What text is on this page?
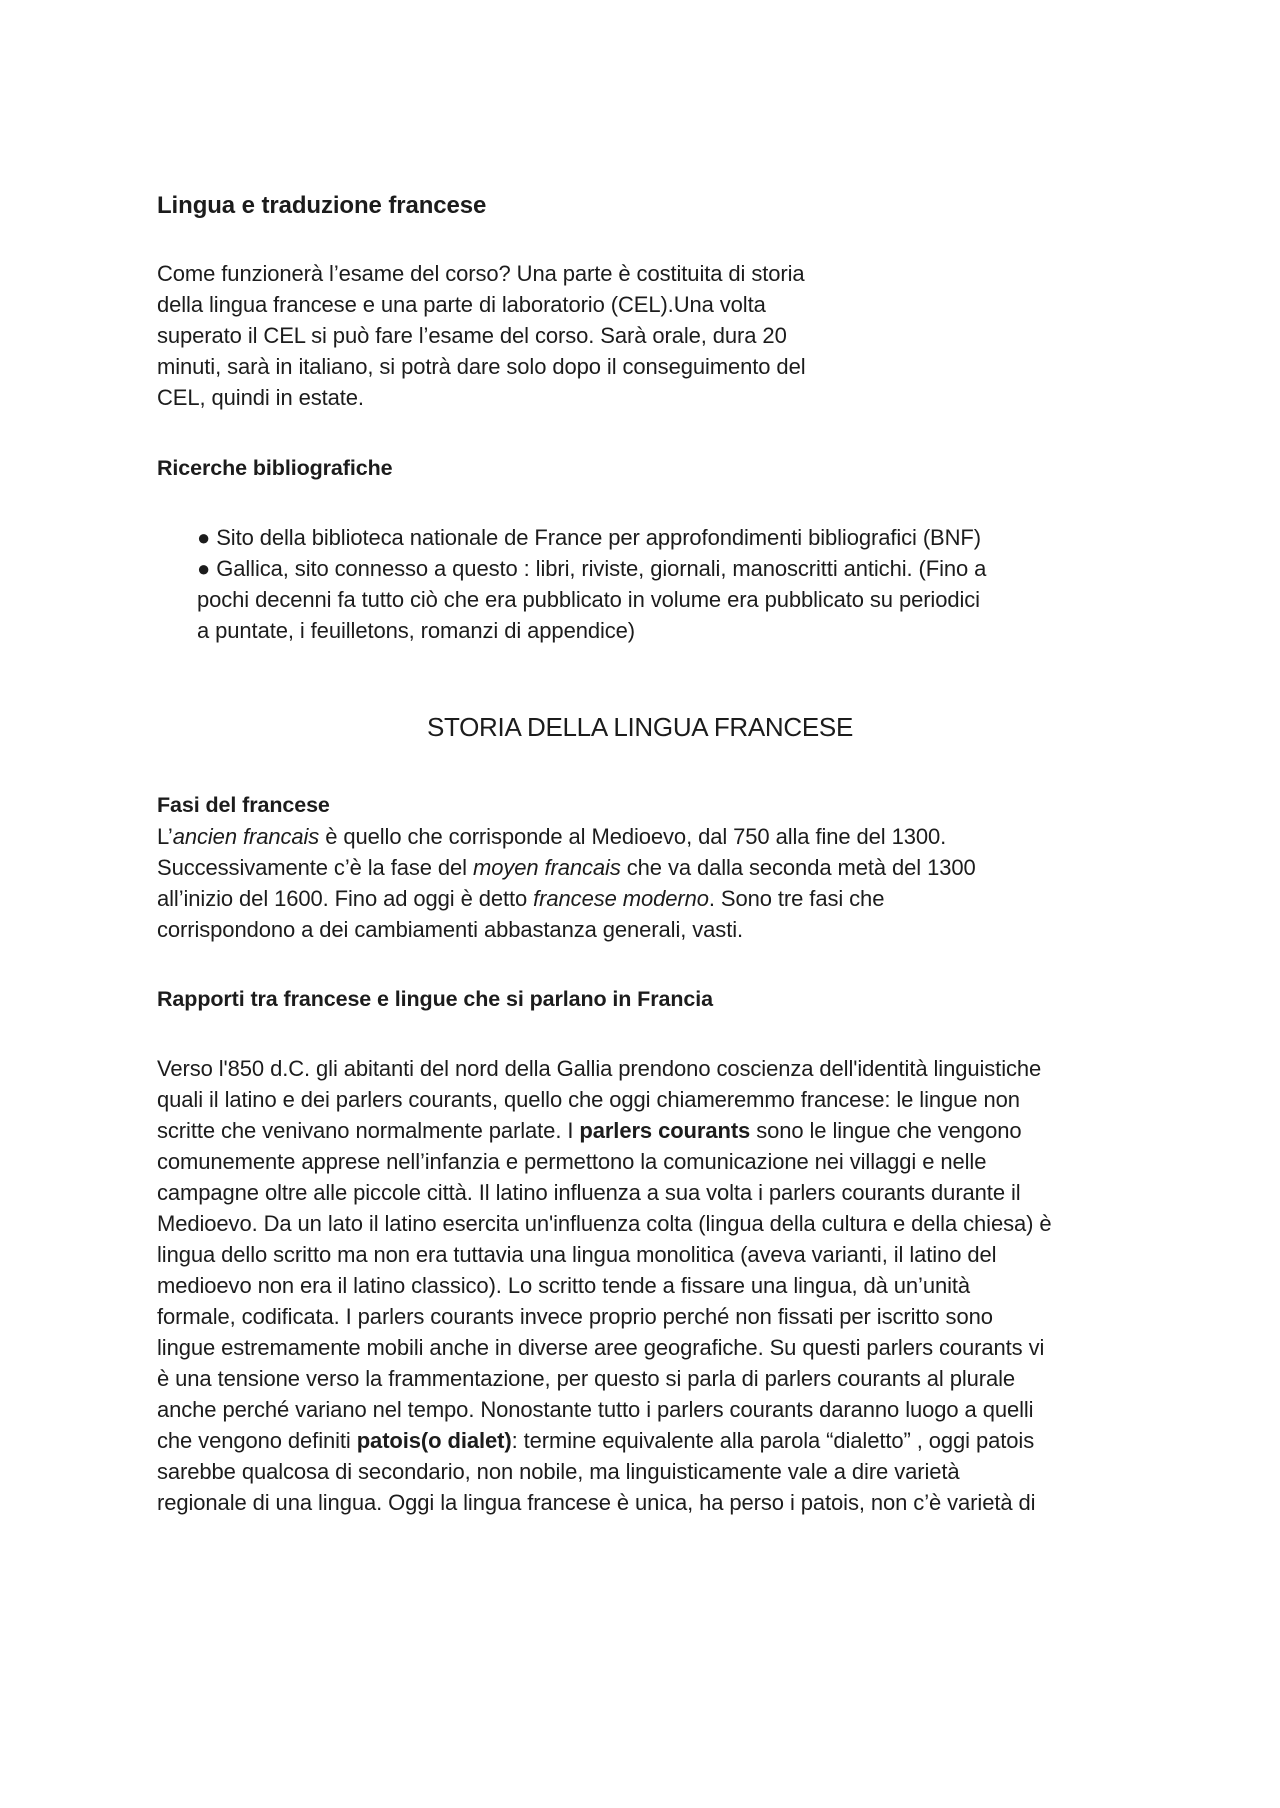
Lingua e traduzione francese
Come funzionerà l’esame del corso? Una parte è costituita di storia
della lingua francese e una parte di laboratorio (CEL).Una volta
superato il CEL si può fare l’esame del corso. Sarà orale, dura 20
minuti, sarà in italiano, si potrà dare solo dopo il conseguimento del
CEL, quindi in estate.
Ricerche bibliografiche
● Sito della biblioteca nationale de France per approfondimenti bibliografici (BNF)
● Gallica, sito connesso a questo : libri, riviste, giornali, manoscritti antichi. (Fino a
pochi decenni fa tutto ciò che era pubblicato in volume era pubblicato su periodici
a puntate, i feuilletons, romanzi di appendice)
STORIA DELLA LINGUA FRANCESE
Fasi del francese
L’ancien francais è quello che corrisponde al Medioevo, dal 750 alla fine del 1300.
Successivamente c’è la fase del moyen francais che va dalla seconda metà del 1300
all’inizio del 1600. Fino ad oggi è detto francese moderno. Sono tre fasi che
corrispondono a dei cambiamenti abbastanza generali, vasti.
Rapporti tra francese e lingue che si parlano in Francia
Verso l'850 d.C. gli abitanti del nord della Gallia prendono coscienza dell'identità linguistiche
quali il latino e dei parlers courants, quello che oggi chiameremmo francese: le lingue non
scritte che venivano normalmente parlate. I parlers courants sono le lingue che vengono
comunemente apprese nell’infanzia e permettono la comunicazione nei villaggi e nelle
campagne oltre alle piccole città. Il latino influenza a sua volta i parlers courants durante il
Medioevo. Da un lato il latino esercita un'influenza colta (lingua della cultura e della chiesa) è
lingua dello scritto ma non era tuttavia una lingua monolitica (aveva varianti, il latino del
medioevo non era il latino classico). Lo scritto tende a fissare una lingua, dà un’unità
formale, codificata. I parlers courants invece proprio perché non fissati per iscritto sono
lingue estremamente mobili anche in diverse aree geografiche. Su questi parlers courants vi
è una tensione verso la frammentazione, per questo si parla di parlers courants al plurale
anche perché variano nel tempo. Nonostante tutto i parlers courants daranno luogo a quelli
che vengono definiti patois(o dialet): termine equivalente alla parola “dialetto” , oggi patois
sarebbe qualcosa di secondario, non nobile, ma linguisticamente vale a dire varietà
regionale di una lingua. Oggi la lingua francese è unica, ha perso i patois, non c’è varietà di
